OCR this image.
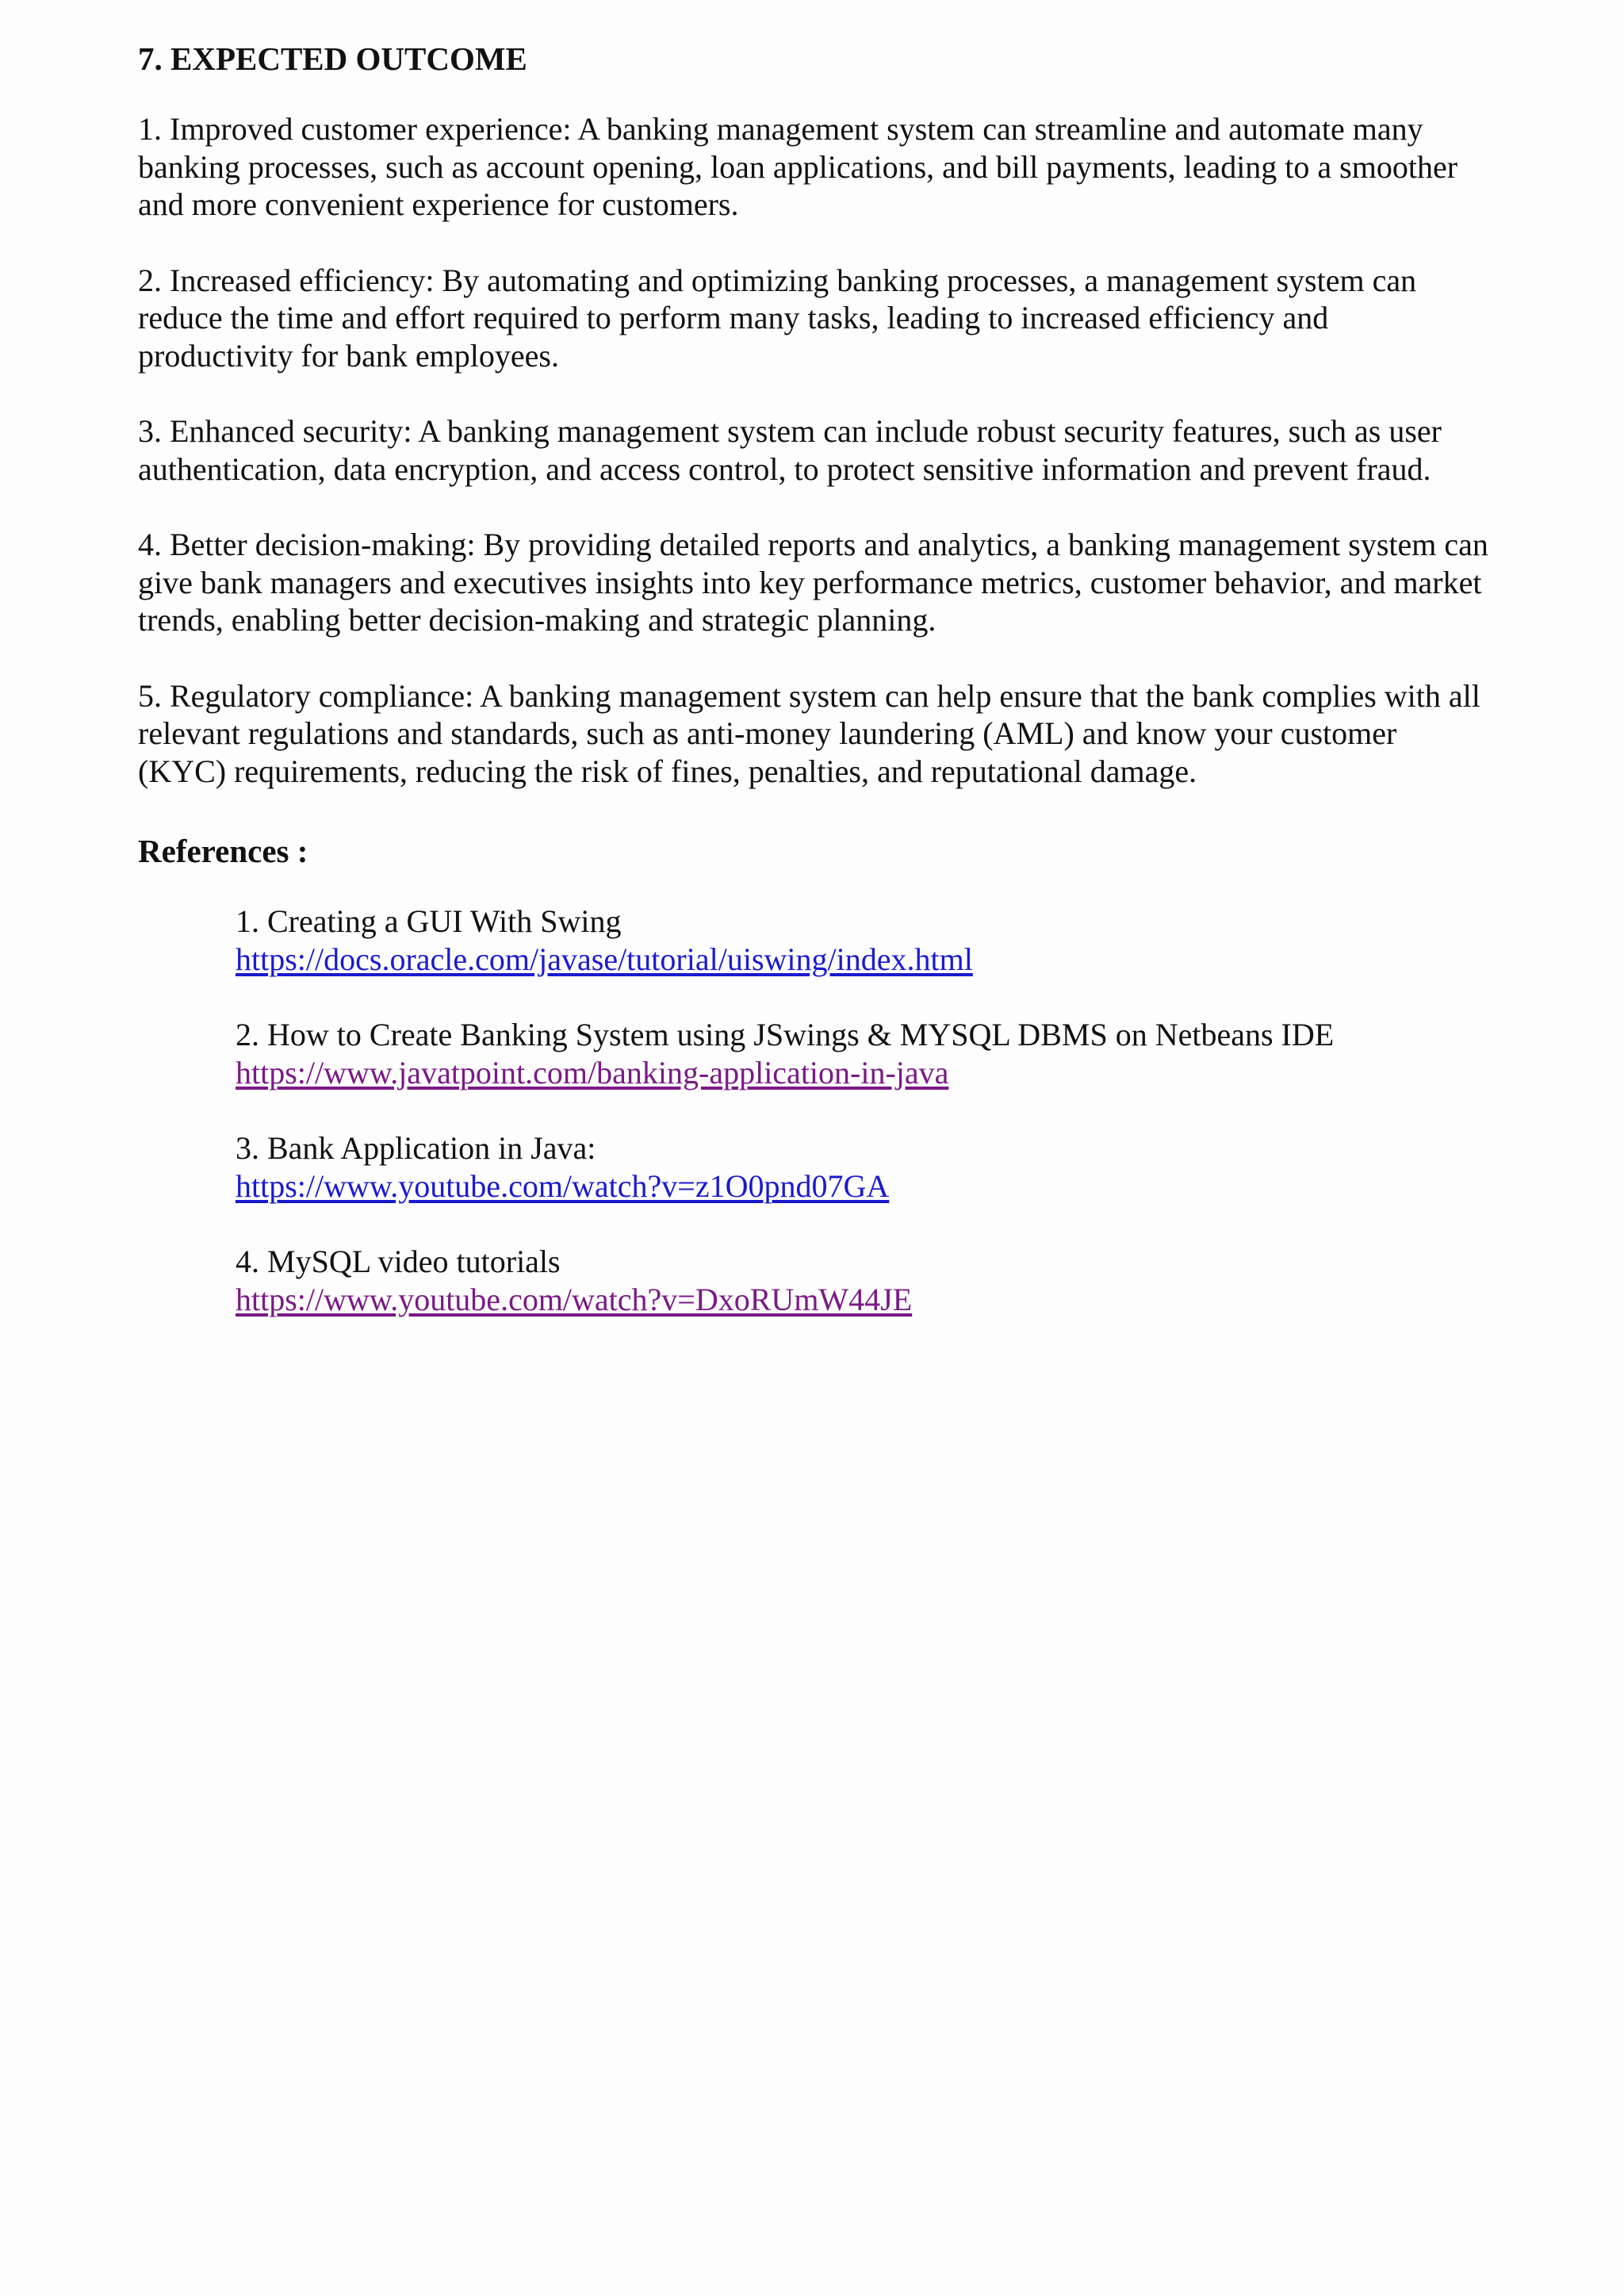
7. EXPECTED OUTCOME
1. Improved customer experience: A banking management system can streamline and automate many banking processes, such as account opening, loan applications, and bill payments, leading to a smoother and more convenient experience for customers.
2. Increased efficiency: By automating and optimizing banking processes, a management system can reduce the time and effort required to perform many tasks, leading to increased efficiency and productivity for bank employees.
3. Enhanced security: A banking management system can include robust security features, such as user authentication, data encryption, and access control, to protect sensitive information and prevent fraud.
4. Better decision-making: By providing detailed reports and analytics, a banking management system can give bank managers and executives insights into key performance metrics, customer behavior, and market trends, enabling better decision-making and strategic planning.
5. Regulatory compliance: A banking management system can help ensure that the bank complies with all relevant regulations and standards, such as anti-money laundering (AML) and know your customer (KYC) requirements, reducing the risk of fines, penalties, and reputational damage.
References :
1. Creating a GUI With Swing
https://docs.oracle.com/javase/tutorial/uiswing/index.html
2. How to Create Banking System using JSwings & MYSQL DBMS on Netbeans IDE
https://www.javatpoint.com/banking-application-in-java
3. Bank Application in Java:
https://www.youtube.com/watch?v=z1O0pnd07GA
4. MySQL video tutorials
https://www.youtube.com/watch?v=DxoRUmW44JE
